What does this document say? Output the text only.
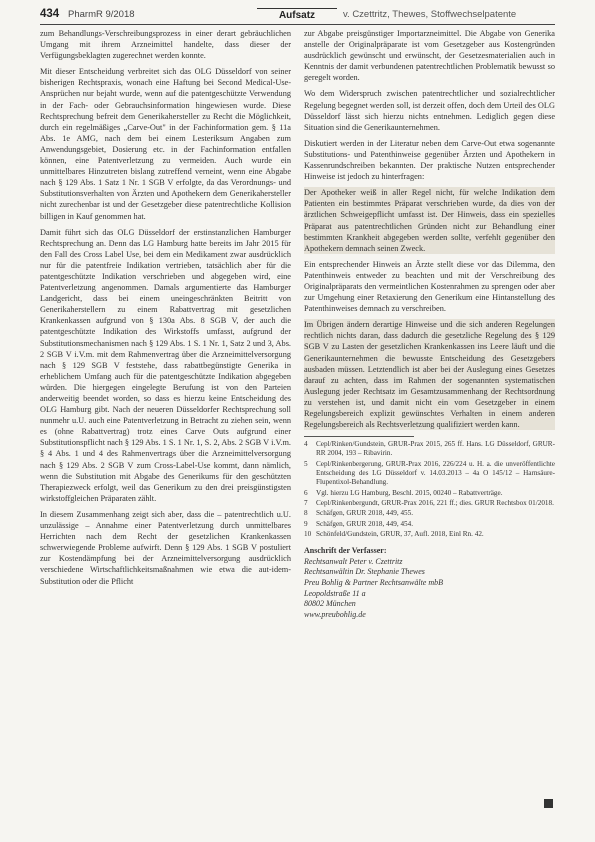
434 PharmR 9/2018	Aufsatz	v. Czettritz, Thewes, Stoffwechselpatente

zum Behandlungs-Verschreibungsprozess in einer derart gebräuchlichen Umgang mit ihrem Arzneimittel handelte, dass dieser der Verfügungsbeklagten zugerechnet werden konnte.

Mit dieser Entscheidung verbreitet sich das OLG Düsseldorf von seiner bisherigen Rechtspraxis, wonach eine Haftung bei Second Medical-Use-Ansprüchen nur bejaht wurde, wenn auf die patentgeschützte Verwendung in der Fach- oder Gebrauchsinformation hingewiesen wurde. Diese Rechtsprechung befreit dem Generikahersteller zu Recht die Möglichkeit, durch ein regelmäßiges „Carve-Out" in der Fachinformation gem. § 11a Abs. 1e AMG, nach dem bei einem Lesteriksum Angaben zum Anwendungsgebiet, Dosierung etc. in der Fachinformation entfallen können, eine Patentverletzung zu vermeiden. Auch wurde ein unmittelbares Hinzutreten bislang zutreffend verneint, wenn eine Abgabe nach § 129 Abs. 1 Satz 1 Nr. 1 SGB V erfolgte, da das Verordnungs- und Substitutionsverhalten von Ärzten und Apothekern dem Generikahersteller nicht zurechenbar ist und der Gesetzgeber diese patentrechtliche Kollision billigen in Kauf genommen hat.

Damit führt sich das OLG Düsseldorf der erstinstanzlichen Hamburger Rechtsprechung an. Denn das LG Hamburg hatte bereits im Jahr 2015 für den Fall des Cross Label Use, bei dem ein Medikament zwar ausdrücklich nur für die patentfreie Indikation vertrieben, tatsächlich aber für die patentgeschützte Indikation verschrieben und abgegeben wird, eine Patentverletzung angenommen. Damals argumentierte das Hamburger Landgericht, dass bei einem uneingeschränkten Beitritt von Generikaherstellern zu einem Rabattvertrag mit gesetzlichen Krankenkassen aufgrund von § 130a Abs. 8 SGB V, der auch die patentgeschützte Indikation des Wirkstoffs umfasst, aufgrund der Substitutionsmechanismen nach § 129 Abs. 1 S. 1 Nr. 1, Satz 2 und 3, Abs. 2 SGB V i.V.m. mit dem Rahmenvertrag über die Arzneimittelversorgung nach § 129 SGB V feststehe, dass rabattbegünstigte Generika in erheblichem Umfang auch für die patentgeschützte Indikation abgegeben würden. Die hiergegen eingelegte Berufung ist von den Parteien anderweitig beendet worden, so dass es hierzu keine Entscheidung des OLG Hamburg gibt. Nach der neueren Düsseldorfer Rechtsprechung soll nunmehr u.U. auch eine Patentverletzung in Betracht zu ziehen sein, wenn es (ohne Rabattvertrag) trotz eines Carve Outs aufgrund einer Substitutionspflicht nach § 129 Abs. 1 S. 1 Nr. 1, S. 2, Abs. 2 SGB V i.V.m. § 4 Abs. 1 und 4 des Rahmenvertrags über die Arzneimittelversorgung nach § 129 Abs. 2 SGB V zum Cross-Label-Use kommt, dann nämlich, wenn die Substitution mit Abgabe des Generikums für den geschützten Therapiezweck erfolgt, weil das Generikum zu den drei preisgünstigsten wirkstoffgleichen Präparaten zählt.

In diesem Zusammenhang zeigt sich aber, dass die – patentrechtlich u.U. unzulässige – Annahme einer Patentverletzung durch unmittelbares Herrichten nach dem Recht der gesetzlichen Krankenkassen schwerwiegende Probleme aufwirft. Denn § 129 Abs. 1 SGB V postuliert zur Kostendämpfung bei der Arzneimittelversorgung ausdrücklich verschiedene Wirtschaftlichkeitsmaßnahmen wie etwa die aut-idem-Substitution oder die Pflicht

zur Abgabe preisgünstiger Importarzneimittel. Die Abgabe von Generika anstelle der Originalpräparate ist vom Gesetzgeber aus Kostengründen ausdrücklich gewünscht und erwünscht, der Gesetzesmaterialien auch in Kenntnis der damit verbundenen patentrechtlichen Problematik bewusst so geregelt worden.

Wo dem Widerspruch zwischen patentrechtlicher und sozialrechtlicher Regelung begegnet werden soll, ist derzeit offen, doch dem Urteil des OLG Düsseldorf lässt sich hierzu nichts entnehmen. Lediglich gegen diese Situation sind die Generikaunternehmen.

Diskutiert werden in der Literatur neben dem Carve-Out etwa sogenannte Substitutions- und Patenthinweise gegenüber Ärzten und Apothekern in Kassenrundschreiben bekannten. Der praktische Nutzen entsprechender Hinweise ist jedoch zu hinterfragen:

Der Apotheker weiß in aller Regel nicht, für welche Indikation dem Patienten ein bestimmtes Präparat verschrieben wurde, da dies von der ärztlichen Schweigepflicht umfasst ist. Der Hinweis, dass ein spezielles Präparat aus patentrechtlichen Gründen nicht zur Behandlung einer bestimmten Krankheit abgegeben werden sollte, verfehlt gegenüber den Apothekern demnach seinen Zweck.

Ein entsprechender Hinweis an Ärzte stellt diese vor das Dilemma, den Patenthinweis entweder zu beachten und mit der Verschreibung des Originalpräparats den vermeintlichen Kostenrahmen zu sprengen oder aber zur Umgehung einer Retaxierung den Generikum eine Hintanstellung des Patenthinweises demnach zu verschreiben.

Im Übrigen ändern derartige Hinweise und die sich anderen Regelungen rechtlich nichts daran, dass dadurch die gesetzliche Regelung des § 129 SGB V zu Lasten der gesetzlichen Krankenkassen ins Leere läuft und die Generikaunternehmen die bewusste Entscheidung des Gesetzgebers ausbaden müssen. Letztendlich ist aber bei der Auslegung eines Gesetzes darauf zu achten, dass im Rahmen der sogenannten systematischen Auslegung jeder Rechtsatz im Gesamtzusammenhang der Rechtsordnung zu verstehen ist, und damit nicht ein vom Gesetzgeber in einem Regelungsbereich explizit gewünschtes Verhalten in einem anderen Regelungsbereich als Rechtsverletzung qualifiziert werden kann.

4	Cepl/Rinken/Gundstein, GRUR-Prax 2015, 265 ff. Hans. LG Düsseldorf, GRUR-RR 2004, 193 – Ribavirin.
5	Cepl/Rinkenbergerung, GRUR-Prax 2016, 226/224 u. H. a. die unveröffentlichte Entscheidung des LG Düsseldorf v. 14.03.2013 – 4a O 145/12 – Harnsäure-Flupentixol-Behandlung.
6	Vgl. hierzu LG Hamburg, Beschl. 2015, 00240 – Rabattverträge.
7	Cepl/Rinkenbergundt, GRUR-Prax 2016, 221 ff.; dies. GRUR Rechtsbox 01/2018.
8	Schäfgen, GRUR 2018, 449, 455.
9	Schäfgen, GRUR 2018, 449, 454.
10 Schönfeld/Gundstein, GRUR, 37, Aufl. 2018, Einl Rn. 42.
Anschrift der Verfasser:
Rechtsanwalt Peter v. Czettritz
Rechtsanwältin Dr. Stephanie Thewes
Preu Bohlig & Partner Rechtsanwälte mbB
Leopoldstraße 11 a
80802 München
www.preubohlig.de
